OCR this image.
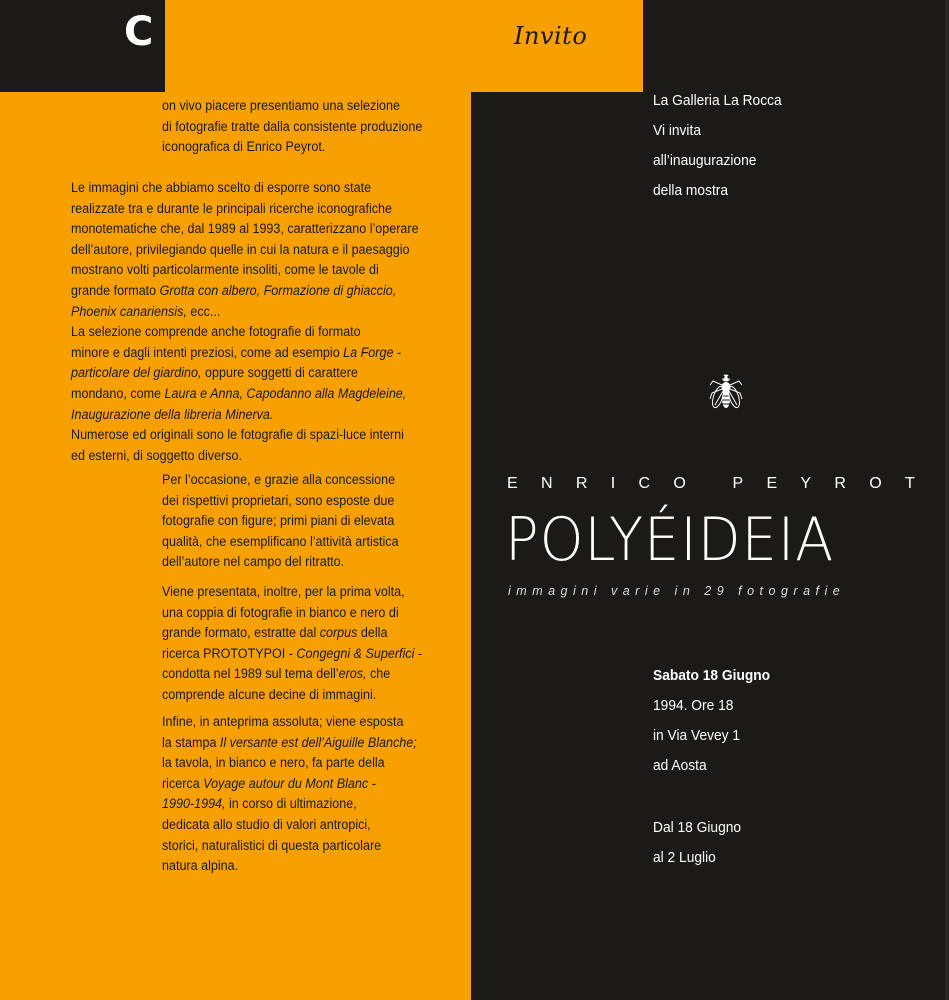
C	Invito

on vivo piacere presentiamo una selezione

di fotografie tratte dalla consistente produzione

iconografica di Enrico Peyrot.

Le immagini che abbiamo scelto di esporre sono state

realizzate tra e durante le principali ricerche iconografiche

monotematiche che, dal 1989 al 1993, caratterizzano l’operare

dell’autore, privilegiando quelle in cui la natura e il paesaggio

mostrano volti particolarmente insoliti, come le tavole di

grande formato Grotta con albero, Formazione di ghiaccio,

Phoenix canariensis, ecc...

La selezione comprende anche fotografie di formato

minore e dagli intenti preziosi, come ad esempio La Forge -

particolare del giardino, oppure soggetti di carattere

mondano, come Laura e Anna, Capodanno alla Magdeleine,

Inaugurazione della libreria Minerva.

Numerose ed originali sono le fotografie di spazi-luce interni

ed esterni, di soggetto diverso.

Per l’occasione, e grazie alla concessione

dei rispettivi proprietari, sono esposte due

fotografie con figure; primi piani di elevata

qualità, che esemplificano l’attività artistica

dell’autore nel campo del ritratto.

Viene presentata, inoltre, per la prima volta,

una coppia di fotografie in bianco e nero di

grande formato, estratte dal corpus della

ricerca PROTOTYPOI - Congegni & Superfici -

condotta nel 1989 sul tema dell’eros, che

comprende alcune decine di immagini.

Infine, in anteprima assoluta; viene esposta

la stampa Il versante est dell’Aiguille Blanche;

la tavola, in bianco e nero, fa parte della

ricerca Voyage autour du Mont Blanc -

1990-1994, in corso di ultimazione,

dedicata allo studio di valori antropici,

storici, naturalistici di questa particolare

natura alpina.

La Galleria La Rocca

Vi invita

all’inaugurazione

della mostra

E N R I C O	P E Y R O T
POLYÉIDEIA
immagini varie in 29 fotografie

Sabato 18 Giugno

1994. Ore 18

in Via Vevey 1

ad Aosta

Dal 18 Giugno

al 2 Luglio
